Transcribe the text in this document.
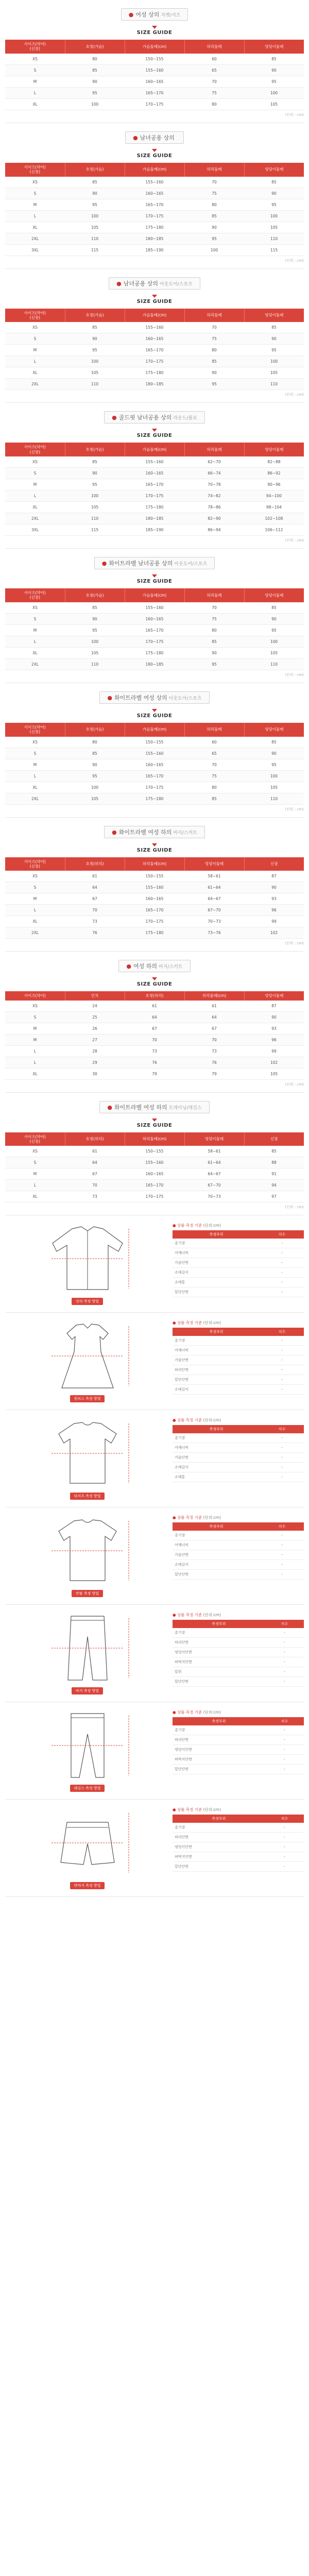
● 여성 상의 자켓/셔츠
SIZE GUIDE
사이즈(약어)
(신장)	호칭(가슴)	가슴둘레(cm)	허리둘레	엉덩이둘레
XS	80	150~155	60	85
S	85	155~160	65	90
M	90	160~165	70	95
L	95	165~170	75	100
XL	100	170~175	80	105
(단위 : cm)
● 남녀공용 상의
SIZE GUIDE
사이즈(약어)
(신장)	호칭(가슴)	가슴둘레(cm)	허리둘레	엉덩이둘레
XS	85	155~160	70	85
S	90	160~165	75	90
M	95	165~170	80	95
L	100	170~175	85	100
XL	105	175~180	90	105
2XL	110	180~185	95	110
3XL	115	185~190	100	115
(단위 : cm)
● 남녀공용 상의 아웃도어/스포츠
SIZE GUIDE
사이즈(약어)
(신장)	호칭(가슴)	가슴둘레(cm)	허리둘레	엉덩이둘레
XS	85	155~160	70	85
S	90	160~165	75	90
M	95	165~170	80	95
L	100	170~175	85	100
XL	105	175~180	90	105
2XL	110	180~185	95	110
(단위 : cm)
● 골드핏 남녀공용 상의 라운드/폴로
SIZE GUIDE
사이즈(약어)
(신장)	호칭(가슴)	가슴둘레(cm)	허리둘레	엉덩이둘레
XS	85	155~160	62~70	82~88
S	90	160~165	66~74	86~92
M	95	165~170	70~78	90~96
L	100	170~175	74~82	94~100
XL	105	175~180	78~86	98~104
2XL	110	180~185	82~90	102~108
3XL	115	185~190	86~94	106~112
(단위 : cm)
● 화이트라벨 남녀공용 상의 아웃도어/스포츠
SIZE GUIDE
사이즈(약어)
(신장)	호칭(가슴)	가슴둘레(cm)	허리둘레	엉덩이둘레
XS	85	155~160	70	85
S	90	160~165	75	90
M	95	165~170	80	95
L	100	170~175	85	100
XL	105	175~180	90	105
2XL	110	180~185	95	110
(단위 : cm)
● 화이트라벨 여성 상의 아웃도어/스포츠
SIZE GUIDE
사이즈(약어)
(신장)	호칭(가슴)	가슴둘레(cm)	허리둘레	엉덩이둘레
XS	80	150~155	60	85
S	85	155~160	65	90
M	90	160~165	70	95
L	95	165~170	75	100
XL	100	170~175	80	105
2XL	105	175~180	85	110
(단위 : cm)
● 화이트라벨 여성 하의 바지/스커트
SIZE GUIDE
사이즈(약어)
(신장)	호칭(허리)	허리둘레(cm)	엉덩이둘레	신장
XS	61	150~155	58~61	87
S	64	155~160	61~64	90
M	67	160~165	64~67	93
L	70	165~170	67~70	96
XL	73	170~175	70~73	99
2XL	76	175~180	73~76	102
(단위 : cm)
● 여성 하의 바지/스커트
SIZE GUIDE
사이즈(약어)	인치	호칭(허리)	허리둘레(cm)	엉덩이둘레
XS	24	61	61	87
S	25	64	64	90
M	26	67	67	93
M	27	70	70	96
L	28	73	73	99
L	29	76	76	102
XL	30	79	79	105
(단위 : cm)
● 화이트라벨 여성 하의 트레이닝/레깅스
SIZE GUIDE
사이즈(약어)
(신장)	호칭(허리)	허리둘레(cm)	엉덩이둘레	신장
XS	61	150~155	58~61	85
S	64	155~160	61~64	88
M	67	160~165	64~67	91
L	70	165~170	67~70	94
XL	73	170~175	70~73	97
(단위 : cm)
상의 측정 방법
● 상품 측정 기준 (단위:cm)
측정부위	치수
총기장	-
어깨너비	-
가슴단면	-
소매길이	-
소매통	-
밑단단면	-
원피스 측정 방법
● 상품 측정 기준 (단위:cm)
측정부위	치수
총기장	-
어깨너비	-
가슴단면	-
허리단면	-
밑단단면	-
소매길이	-
티셔츠 측정 방법
● 상품 측정 기준 (단위:cm)
측정부위	치수
총기장	-
어깨너비	-
가슴단면	-
소매길이	-
소매통	-
반팔 측정 방법
● 상품 측정 기준 (단위:cm)
측정부위	치수
총기장	-
어깨너비	-
가슴단면	-
소매길이	-
밑단단면	-
바지 측정 방법
● 상품 측정 기준 (단위:cm)
측정부위	치수
총기장	-
허리단면	-
엉덩이단면	-
허벅지단면	-
밑위	-
밑단단면	-
레깅스 측정 방법
● 상품 측정 기준 (단위:cm)
측정부위	치수
총기장	-
허리단면	-
엉덩이단면	-
허벅지단면	-
밑단단면	-
반바지 측정 방법
● 상품 측정 기준 (단위:cm)
측정부위	치수
총기장	-
허리단면	-
엉덩이단면	-
허벅지단면	-
밑단단면	-
